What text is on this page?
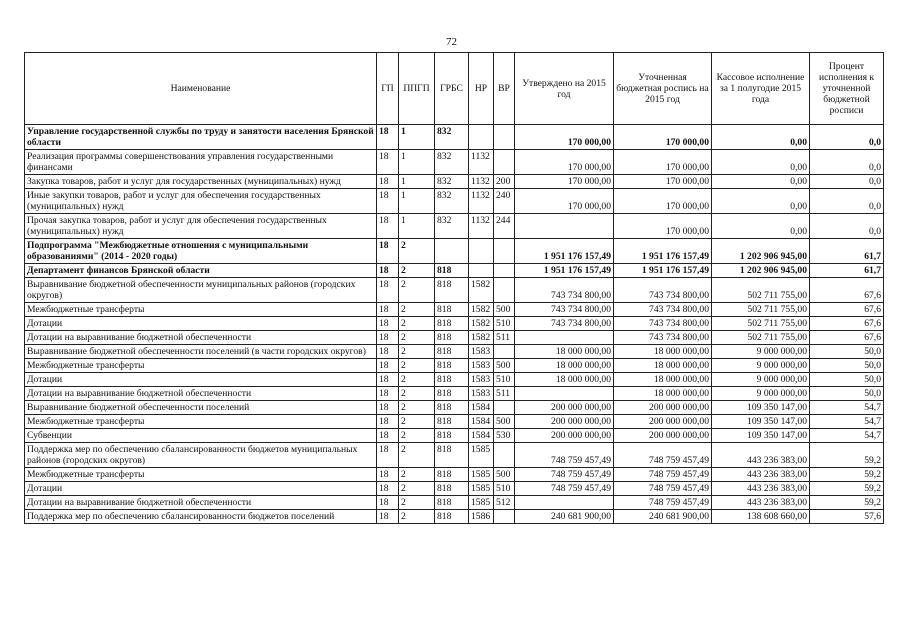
72
Наименование	ГП	ППГП	ГРБС	НР	ВР	Утверждено на 2015 год	Уточненная бюджетная роспись на 2015 год	Кассовое исполнение за 1 полугодие 2015 года	Процент исполнения к уточненной бюджетной росписи
Управление государственной службы по труду и занятости населения Брянской области	18	1	832			170 000,00	170 000,00	0,00	0,0
Реализация программы совершенствования управления государственными финансами	18	1	832	1132		170 000,00	170 000,00	0,00	0,0
Закупка товаров, работ и услуг для государственных (муниципальных) нужд	18	1	832	1132	200	170 000,00	170 000,00	0,00	0,0
Иные закупки товаров, работ и услуг для обеспечения государственных (муниципальных) нужд	18	1	832	1132	240	170 000,00	170 000,00	0,00	0,0
Прочая закупка товаров, работ и услуг для обеспечения государственных (муниципальных) нужд	18	1	832	1132	244		170 000,00	0,00	0,0
Подпрограмма "Межбюджетные отношения с муниципальными образованиями" (2014 - 2020 годы)	18	2				1 951 176 157,49	1 951 176 157,49	1 202 906 945,00	61,7
Департамент финансов Брянской области	18	2	818			1 951 176 157,49	1 951 176 157,49	1 202 906 945,00	61,7
Выравнивание бюджетной обеспеченности муниципальных районов (городских округов)	18	2	818	1582		743 734 800,00	743 734 800,00	502 711 755,00	67,6
Межбюджетные трансферты	18	2	818	1582	500	743 734 800,00	743 734 800,00	502 711 755,00	67,6
Дотации	18	2	818	1582	510	743 734 800,00	743 734 800,00	502 711 755,00	67,6
Дотации на выравнивание бюджетной обеспеченности	18	2	818	1582	511		743 734 800,00	502 711 755,00	67,6
Выравнивание бюджетной обеспеченности поселений (в части городских округов)	18	2	818	1583		18 000 000,00	18 000 000,00	9 000 000,00	50,0
Межбюджетные трансферты	18	2	818	1583	500	18 000 000,00	18 000 000,00	9 000 000,00	50,0
Дотации	18	2	818	1583	510	18 000 000,00	18 000 000,00	9 000 000,00	50,0
Дотации на выравнивание бюджетной обеспеченности	18	2	818	1583	511		18 000 000,00	9 000 000,00	50,0
Выравнивание бюджетной обеспеченности поселений	18	2	818	1584		200 000 000,00	200 000 000,00	109 350 147,00	54,7
Межбюджетные трансферты	18	2	818	1584	500	200 000 000,00	200 000 000,00	109 350 147,00	54,7
Субвенции	18	2	818	1584	530	200 000 000,00	200 000 000,00	109 350 147,00	54,7
Поддержка мер по обеспечению сбалансированности бюджетов муниципальных районов (городских округов)	18	2	818	1585		748 759 457,49	748 759 457,49	443 236 383,00	59,2
Межбюджетные трансферты	18	2	818	1585	500	748 759 457,49	748 759 457,49	443 236 383,00	59,2
Дотации	18	2	818	1585	510	748 759 457,49	748 759 457,49	443 236 383,00	59,2
Дотации на выравнивание бюджетной обеспеченности	18	2	818	1585	512		748 759 457,49	443 236 383,00	59,2
Поддержка мер по обеспечению сбалансированности бюджетов поселений	18	2	818	1586		240 681 900,00	240 681 900,00	138 608 660,00	57,6
